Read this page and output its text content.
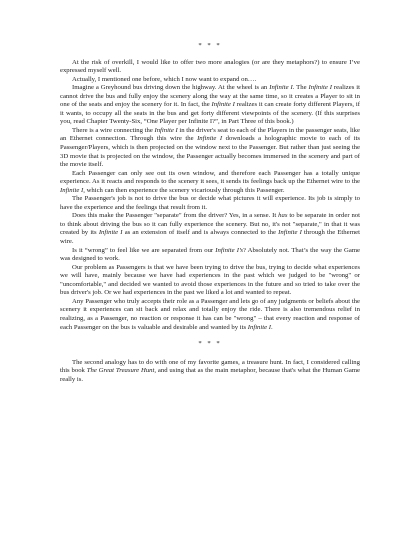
* * *

At the risk of overkill, I would like to offer two more analogies (or are they metaphors?) to ensure I’ve expressed myself well.

Actually, I mentioned one before, which I now want to expand on….

Imagine a Greyhound bus driving down the highway. At the wheel is an Infinite I. The Infinite I realizes it cannot drive the bus and fully enjoy the scenery along the way at the same time, so it creates a Player to sit in one of the seats and enjoy the scenery for it. In fact, the Infinite I realizes it can create forty different Players, if it wants, to occupy all the seats in the bus and get forty different viewpoints of the scenery. (If this surprises you, read Chapter Twenty-Six, “One Player per Infinite I?”, in Part Three of this book.)

There is a wire connecting the Infinite I in the driver's seat to each of the Players in the passenger seats, like an Ethernet connection. Through this wire the Infinite I downloads a holographic movie to each of its Passenger/Players, which is then projected on the window next to the Passenger. But rather than just seeing the 3D movie that is projected on the window, the Passenger actually becomes immersed in the scenery and part of the movie itself.

Each Passenger can only see out its own window, and therefore each Passenger has a totally unique experience. As it reacts and responds to the scenery it sees, it sends its feelings back up the Ethernet wire to the Infinite I, which can then experience the scenery vicariously through this Passenger.

The Passenger's job is not to drive the bus or decide what pictures it will experience. Its job is simply to have the experience and the feelings that result from it.

Does this make the Passenger "separate" from the driver? Yes, in a sense. It has to be separate in order not to think about driving the bus so it can fully experience the scenery. But no, it's not "separate," in that it was created by its Infinite I as an extension of itself and is always connected to the Infinite I through the Ethernet wire.

Is it “wrong” to feel like we are separated from our Infinite I’s? Absolutely not. That’s the way the Game was designed to work.

Our problem as Passengers is that we have been trying to drive the bus, trying to decide what experiences we will have, mainly because we have had experiences in the past which we judged to be "wrong" or "uncomfortable," and decided we wanted to avoid those experiences in the future and so tried to take over the bus driver's job. Or we had experiences in the past we liked a lot and wanted to repeat.

Any Passenger who truly accepts their role as a Passenger and lets go of any judgments or beliefs about the scenery it experiences can sit back and relax and totally enjoy the ride. There is also tremendous relief in realizing, as a Passenger, no reaction or response it has can be "wrong" – that every reaction and response of each Passenger on the bus is valuable and desirable and wanted by its Infinite I.

* * *

The second analogy has to do with one of my favorite games, a treasure hunt. In fact, I considered calling this book The Great Treasure Hunt, and using that as the main metaphor, because that's what the Human Game really is.
